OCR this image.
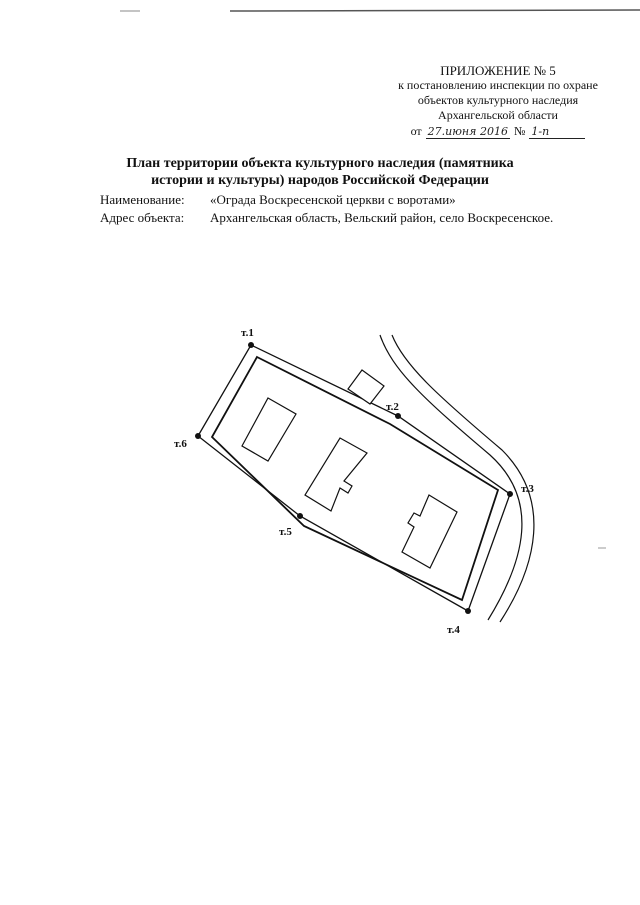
ПРИЛОЖЕНИЕ № 5
к постановлению инспекции по охране
объектов культурного наследия
Архангельской области
от 27.июня 2016 № 1-п
План территории объекта культурного наследия (памятника истории и культуры) народов Российской Федерации
Наименование: «Ограда Воскресенской церкви с воротами»
Адрес объекта: Архангельская область, Вельский район, село Воскресенское.
т.1
т.2
т.3
т.4
т.5
т.6
